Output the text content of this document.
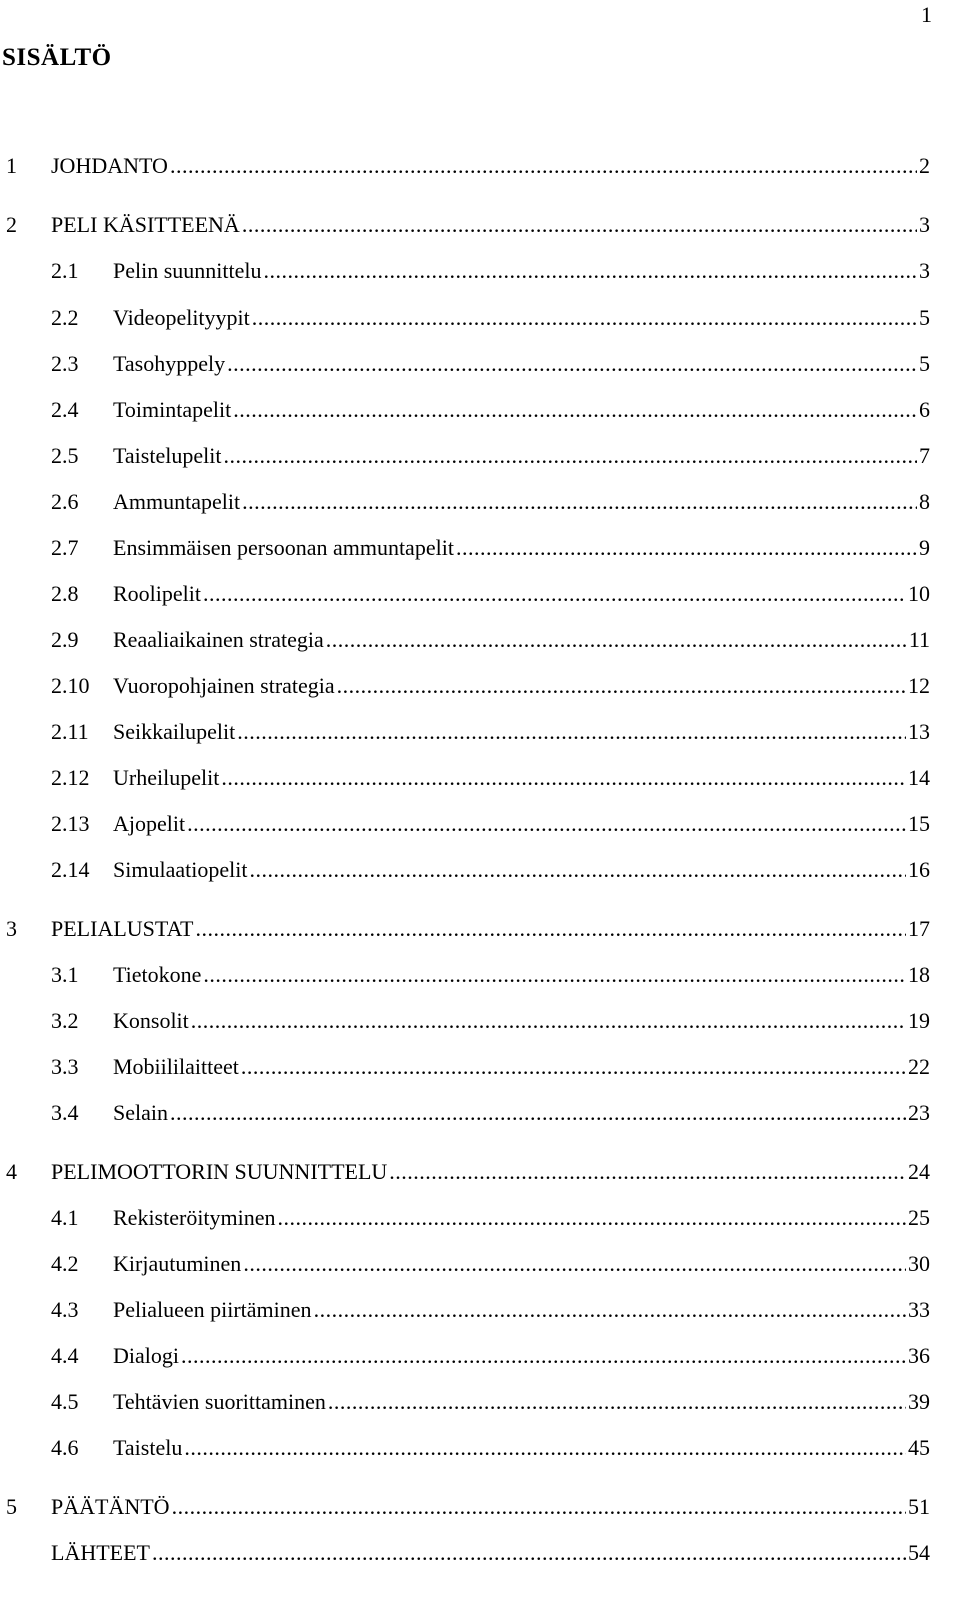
1
SISÄLTÖ
1 JOHDANTO .....	2
2 PELI KÄSITTEENÄ .....	3
2.1 Pelin suunnittelu .....	3
2.2 Videopelityypit .....	5
2.3 Tasohyppely .....	5
2.4 Toimintapelit .....	6
2.5 Taistelupelit .....	7
2.6 Ammuntapelit .....	8
2.7 Ensimmäisen persoonan ammuntapelit .....	9
2.8 Roolipelit .....	10
2.9 Reaaliaikainen strategia .....	11
2.10 Vuoropohjainen strategia .....	12
2.11 Seikkailupelit .....	13
2.12 Urheilupelit .....	14
2.13 Ajopelit .....	15
2.14 Simulaatiopelit .....	16
3 PELIALUSTAT .....	17
3.1 Tietokone .....	18
3.2 Konsolit .....	19
3.3 Mobiililaitteet .....	22
3.4 Selain .....	23
4 PELIMOOTTORIN SUUNNITTELU .....	24
4.1 Rekisteröityminen .....	25
4.2 Kirjautuminen .....	30
4.3 Pelialueen piirtäminen .....	33
4.4 Dialogi .....	36
4.5 Tehtävien suorittaminen .....	39
4.6 Taistelu .....	45
5 PÄÄTÄNTÖ .....	51
LÄHTEET .....	54
